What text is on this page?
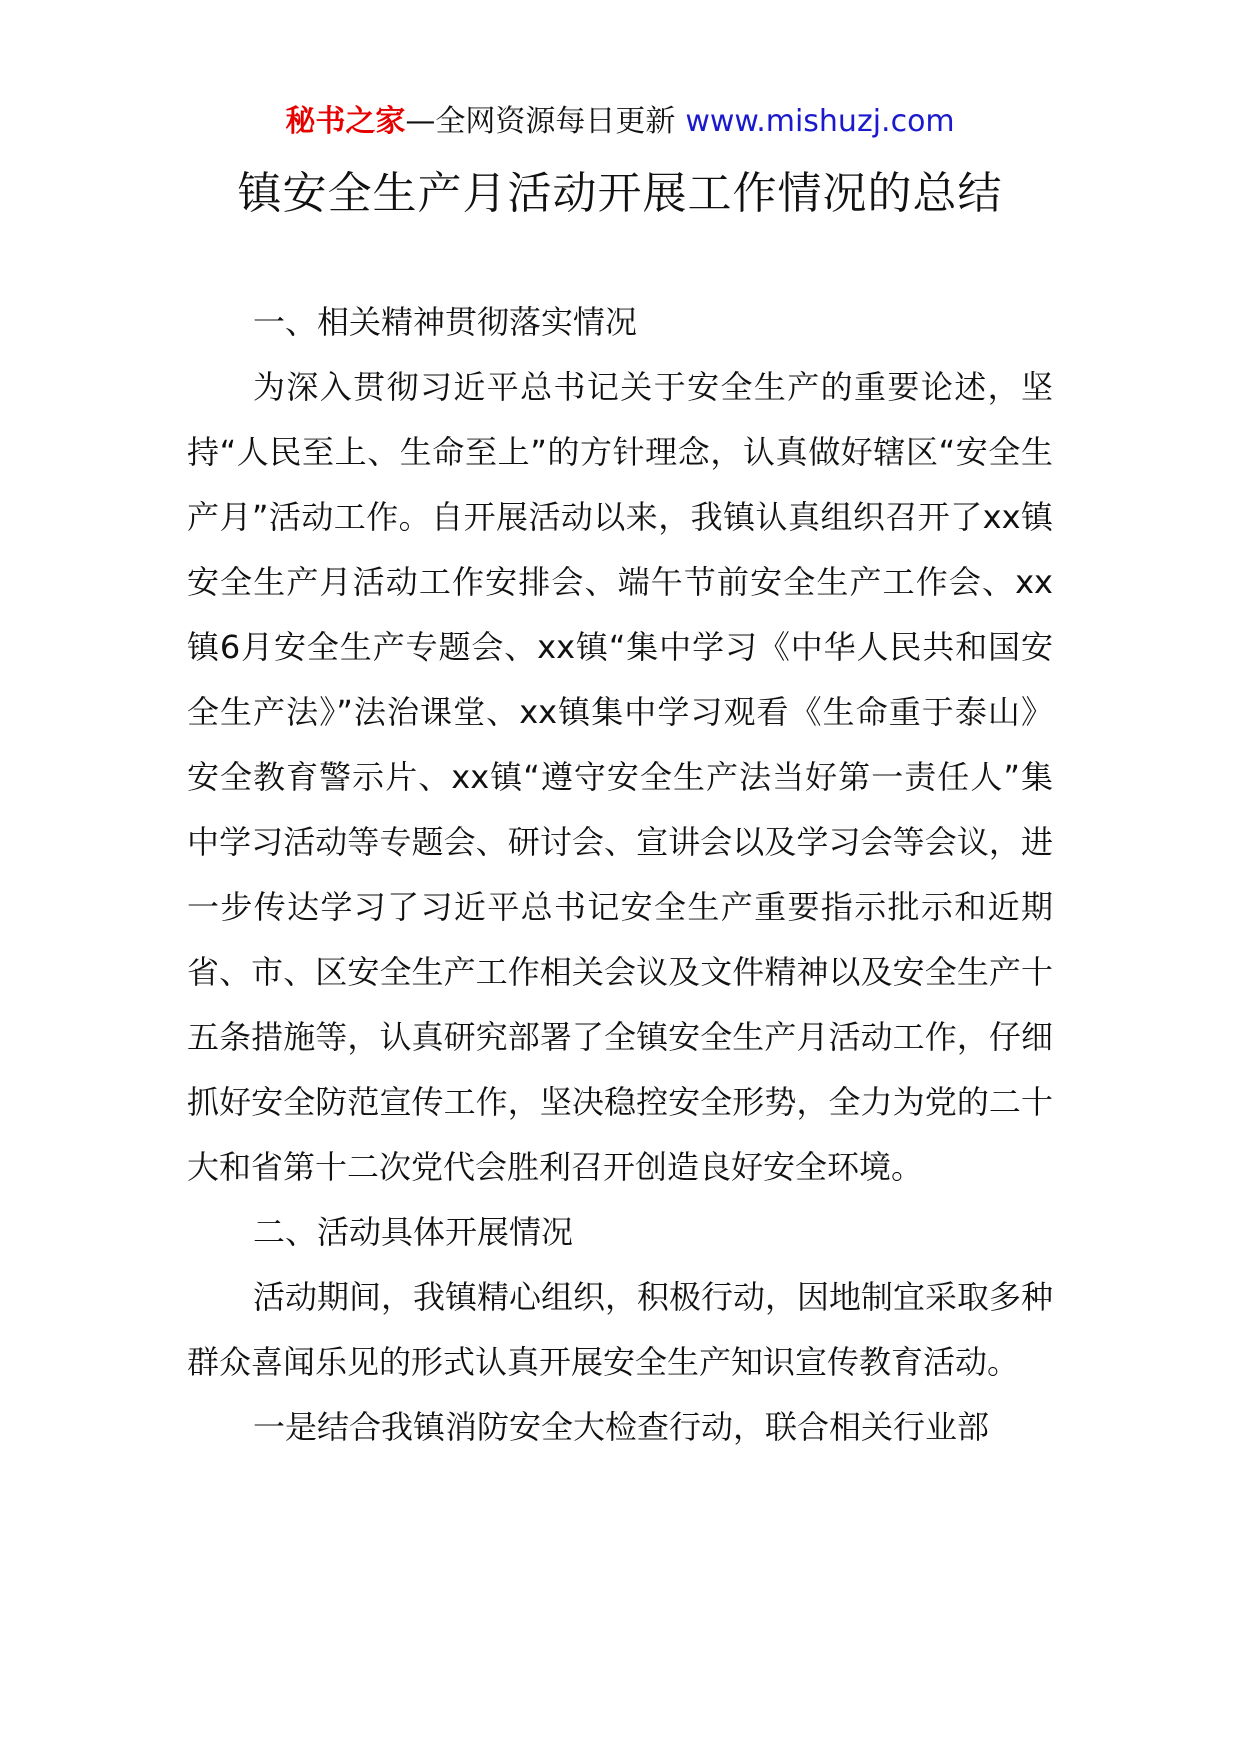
秘书之家—全网资源每日更新 www.mishuzj.com
镇安全生产月活动开展工作情况的总结

一、相关精神贯彻落实情况

为深入贯彻习近平总书记关于安全生产的重要论述，坚持“人民至上、生命至上”的方针理念，认真做好辖区“安全生产月”活动工作。自开展活动以来，我镇认真组织召开了xx镇安全生产月活动工作安排会、端午节前安全生产工作会、xx镇6月安全生产专题会、xx镇“集中学习《中华人民共和国安全生产法》”法治课堂、xx镇集中学习观看《生命重于泰山》安全教育警示片、xx镇“遵守安全生产法当好第一责任人”集中学习活动等专题会、研讨会、宣讲会以及学习会等会议，进一步传达学习了习近平总书记安全生产重要指示批示和近期省、市、区安全生产工作相关会议及文件精神以及安全生产十五条措施等，认真研究部署了全镇安全生产月活动工作，仔细抓好安全防范宣传工作，坚决稳控安全形势，全力为党的二十大和省第十二次党代会胜利召开创造良好安全环境。

二、活动具体开展情况

活动期间，我镇精心组织，积极行动，因地制宜采取多种群众喜闻乐见的形式认真开展安全生产知识宣传教育活动。

一是结合我镇消防安全大检查行动，联合相关行业部
